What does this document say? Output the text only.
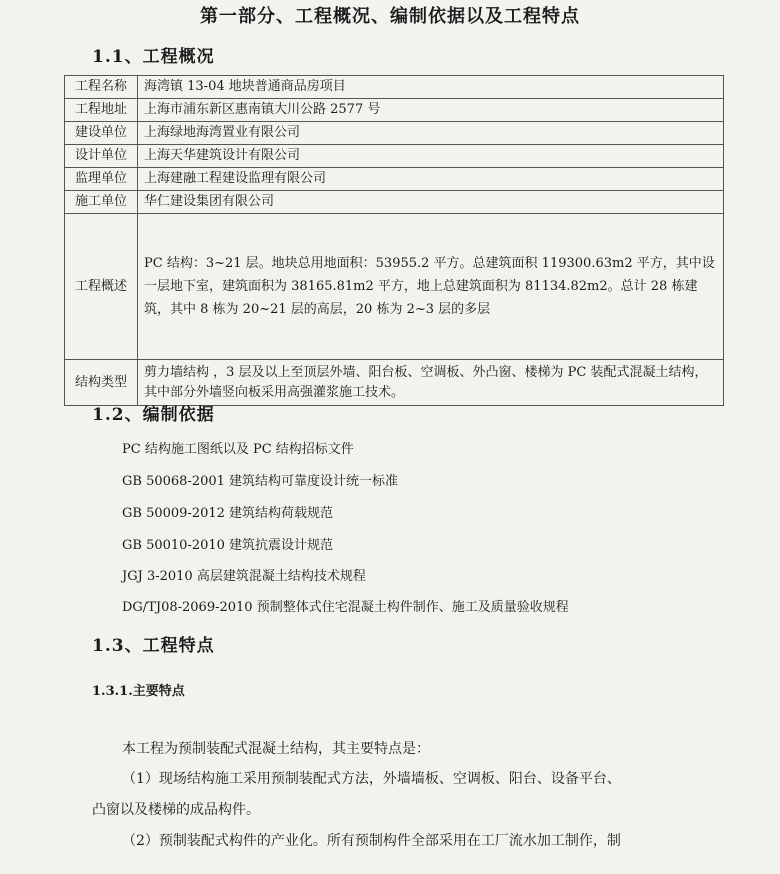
第一部分、工程概况、编制依据以及工程特点
1.1、工程概况
工程名称	海湾镇 13-04 地块普通商品房项目
工程地址	上海市浦东新区惠南镇大川公路 2577 号
建设单位	上海绿地海湾置业有限公司
设计单位	上海天华建筑设计有限公司
监理单位	上海建融工程建设监理有限公司
施工单位	华仁建设集团有限公司
工程概述	PC 结构：3~21 层。地块总用地面积：53955.2 平方。总建筑面积 119300.63m2 平方，其中设一层地下室，建筑面积为 38165.81m2 平方，地上总建筑面积为 81134.82m2。总计 28 栋建筑，其中 8 栋为 20~21 层的高层，20 栋为 2~3 层的多层
结构类型	剪力墙结构 ，3 层及以上至顶层外墙、阳台板、空调板、外凸窗、楼梯为 PC 装配式混凝土结构，其中部分外墙竖向板采用高强灌浆施工技术。
1.2、编制依据
PC 结构施工图纸以及 PC 结构招标文件
GB 50068-2001 建筑结构可靠度设计统一标准
GB 50009-2012 建筑结构荷载规范
GB 50010-2010 建筑抗震设计规范
JGJ 3-2010 高层建筑混凝土结构技术规程
DG/TJ08-2069-2010 预制整体式住宅混凝土构件制作、施工及质量验收规程
1.3、工程特点
1.3.1.主要特点
本工程为预制装配式混凝土结构，其主要特点是：
（1）现场结构施工采用预制装配式方法，外墙墙板、空调板、阳台、设备平台、
凸窗以及楼梯的成品构件。
（2）预制装配式构件的产业化。所有预制构件全部采用在工厂流水加工制作，制
